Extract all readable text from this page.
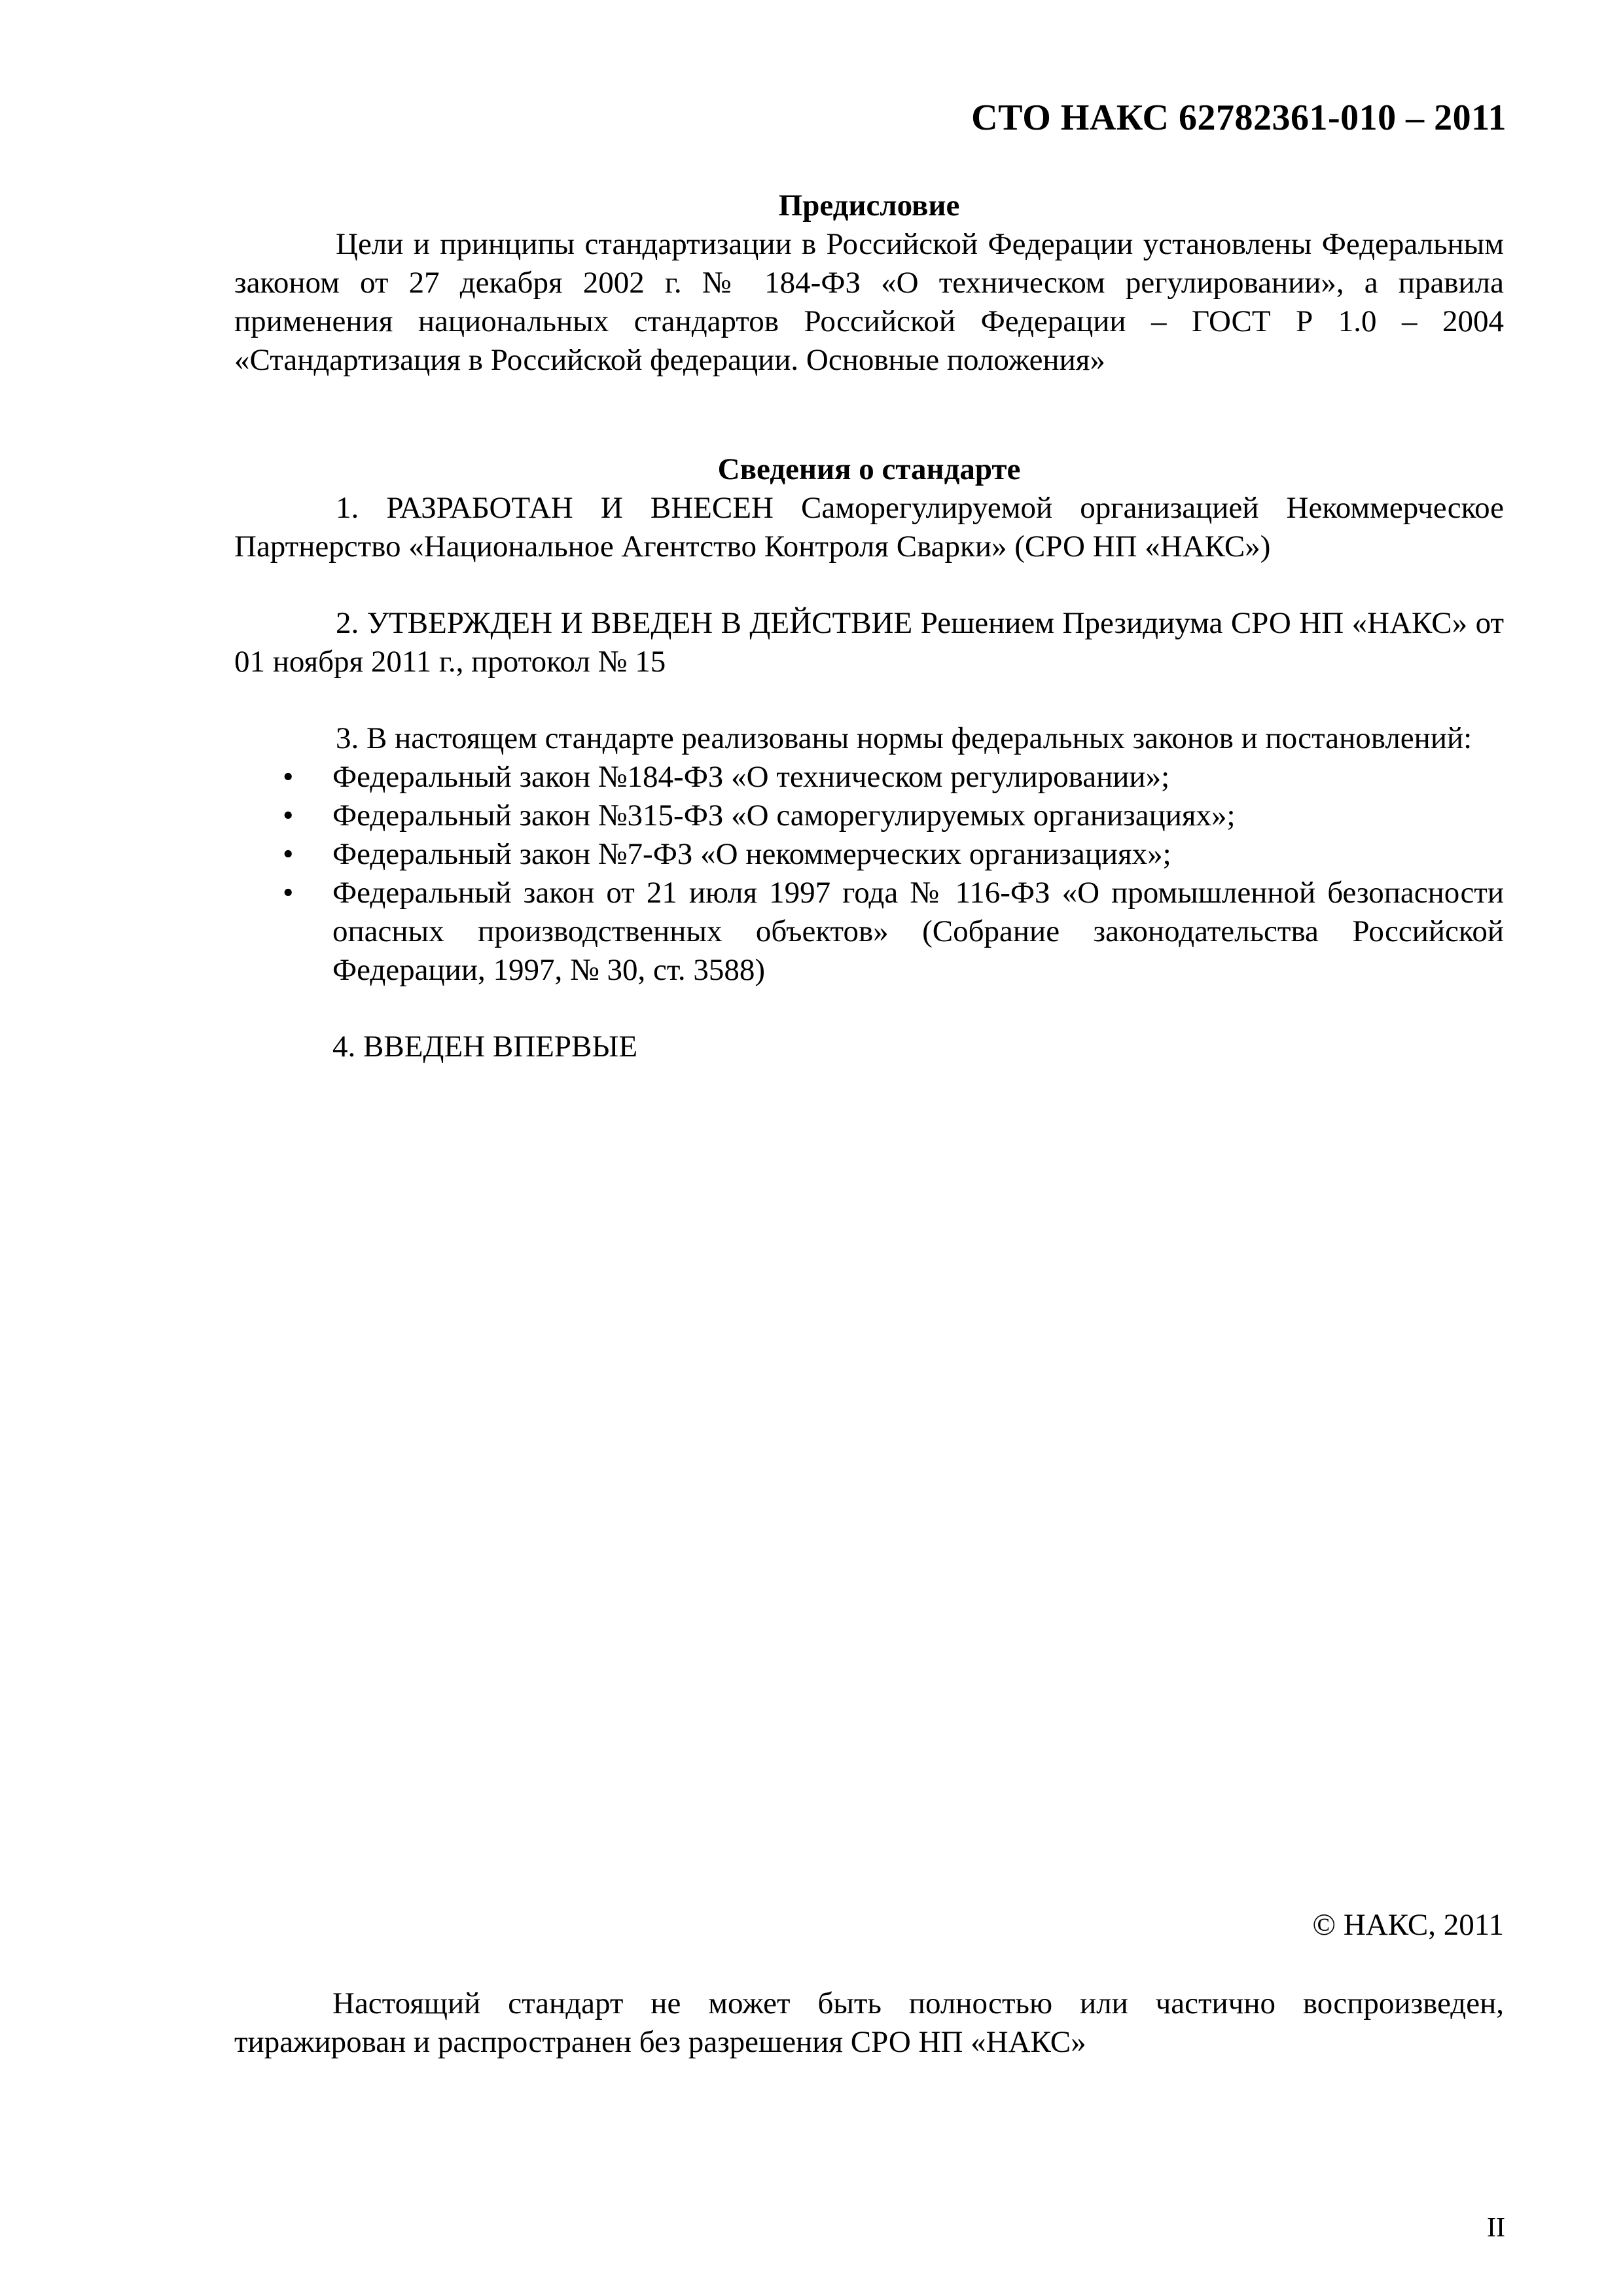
СТО НАКС 62782361-010 – 2011

Предисловие

Цели и принципы стандартизации в Российской Федерации установлены Федеральным законом от 27 декабря 2002 г. № 184-ФЗ «О техническом регулировании», а правила применения национальных стандартов Российской Федерации – ГОСТ Р 1.0 – 2004 «Стандартизация в Российской федерации. Основные положения»

Сведения о стандарте

1. РАЗРАБОТАН И ВНЕСЕН Саморегулируемой организацией Некоммерческое Партнерство «Национальное Агентство Контроля Сварки» (СРО НП «НАКС»)

2. УТВЕРЖДЕН И ВВЕДЕН В ДЕЙСТВИЕ Решением Президиума СРО НП «НАКС» от 01 ноября 2011 г., протокол № 15

3. В настоящем стандарте реализованы нормы федеральных законов и постановлений:

• Федеральный закон №184-ФЗ «О техническом регулировании»;
• Федеральный закон №315-ФЗ «О саморегулируемых организациях»;
• Федеральный закон №7-ФЗ «О некоммерческих организациях»;
• Федеральный закон от 21 июля 1997 года № 116-ФЗ «О промышленной безопасности опасных производственных объектов» (Собрание законодательства Российской Федерации, 1997, № 30, ст. 3588)

4. ВВЕДЕН ВПЕРВЫЕ

© НАКС, 2011

Настоящий стандарт не может быть полностью или частично воспроизведен, тиражирован и распространен без разрешения СРО НП «НАКС»

II
